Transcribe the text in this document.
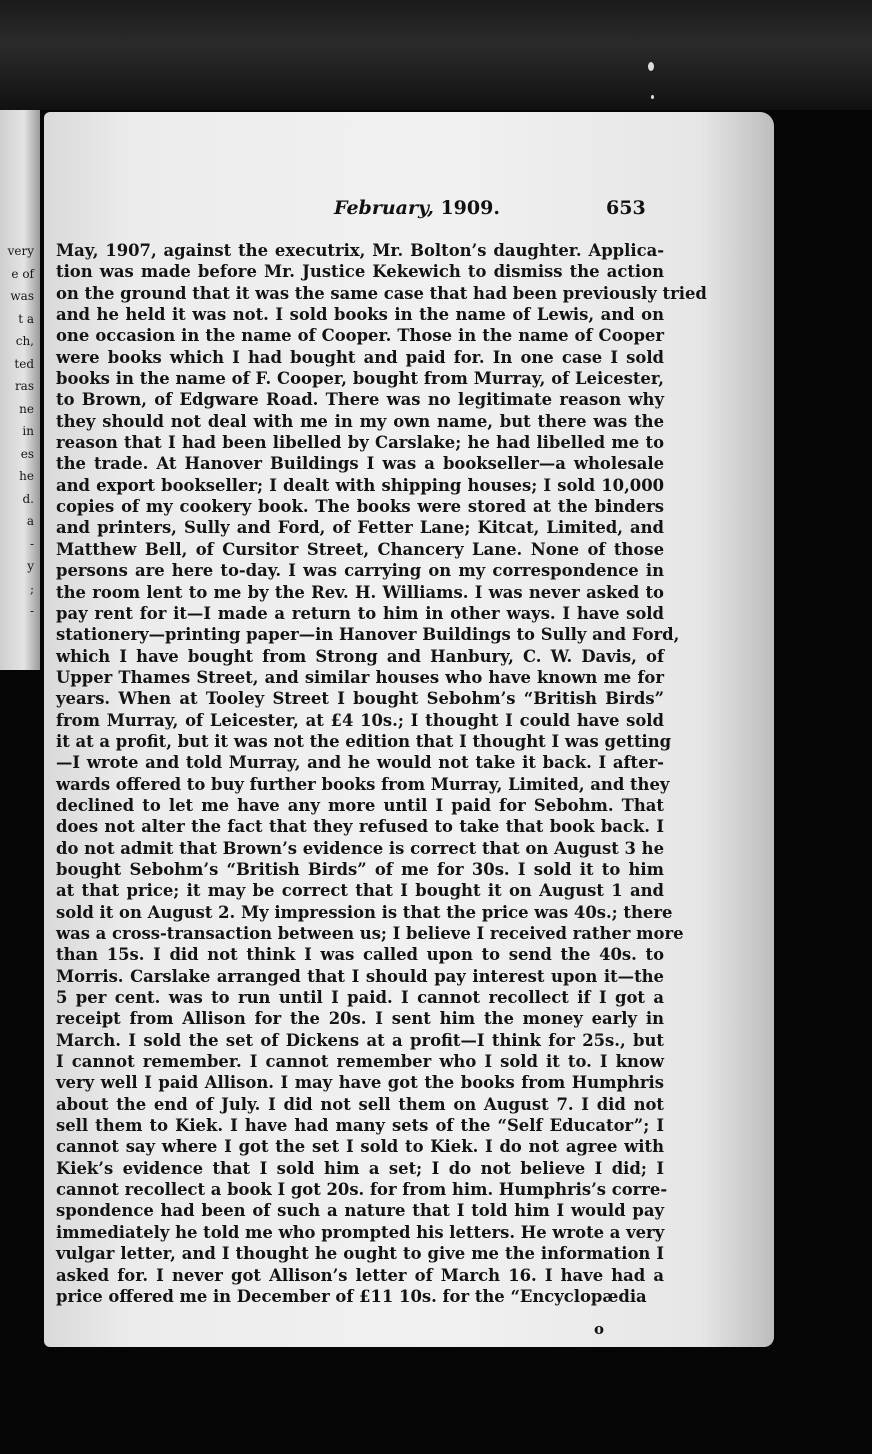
very
e of
was
t a
ch,
ted
ras
ne
in
es
he
d.
a
-
y
;
-
February, 1909.	653
May, 1907, against the executrix, Mr. Bolton’s daughter. Applica-
tion was made before Mr. Justice Kekewich to dismiss the action
on the ground that it was the same case that had been previously tried
and he held it was not. I sold books in the name of Lewis, and on
one occasion in the name of Cooper. Those in the name of Cooper
were books which I had bought and paid for. In one case I sold
books in the name of F. Cooper, bought from Murray, of Leicester,
to Brown, of Edgware Road. There was no legitimate reason why
they should not deal with me in my own name, but there was the
reason that I had been libelled by Carslake; he had libelled me to
the trade. At Hanover Buildings I was a bookseller—a wholesale
and export bookseller; I dealt with shipping houses; I sold 10,000
copies of my cookery book. The books were stored at the binders
and printers, Sully and Ford, of Fetter Lane; Kitcat, Limited, and
Matthew Bell, of Cursitor Street, Chancery Lane. None of those
persons are here to-day. I was carrying on my correspondence in
the room lent to me by the Rev. H. Williams. I was never asked to
pay rent for it—I made a return to him in other ways. I have sold
stationery—printing paper—in Hanover Buildings to Sully and Ford,
which I have bought from Strong and Hanbury, C. W. Davis, of
Upper Thames Street, and similar houses who have known me for
years. When at Tooley Street I bought Sebohm’s “British Birds”
from Murray, of Leicester, at £4 10s.; I thought I could have sold
it at a profit, but it was not the edition that I thought I was getting
—I wrote and told Murray, and he would not take it back. I after-
wards offered to buy further books from Murray, Limited, and they
declined to let me have any more until I paid for Sebohm. That
does not alter the fact that they refused to take that book back. I
do not admit that Brown’s evidence is correct that on August 3 he
bought Sebohm’s “British Birds” of me for 30s. I sold it to him
at that price; it may be correct that I bought it on August 1 and
sold it on August 2. My impression is that the price was 40s.; there
was a cross-transaction between us; I believe I received rather more
than 15s. I did not think I was called upon to send the 40s. to
Morris. Carslake arranged that I should pay interest upon it—the
5 per cent. was to run until I paid. I cannot recollect if I got a
receipt from Allison for the 20s. I sent him the money early in
March. I sold the set of Dickens at a profit—I think for 25s., but
I cannot remember. I cannot remember who I sold it to. I know
very well I paid Allison. I may have got the books from Humphris
about the end of July. I did not sell them on August 7. I did not
sell them to Kiek. I have had many sets of the “Self Educator”; I
cannot say where I got the set I sold to Kiek. I do not agree with
Kiek’s evidence that I sold him a set; I do not believe I did; I
cannot recollect a book I got 20s. for from him. Humphris’s corre-
spondence had been of such a nature that I told him I would pay
immediately he told me who prompted his letters. He wrote a very
vulgar letter, and I thought he ought to give me the information I
asked for. I never got Allison’s letter of March 16. I have had a
price offered me in December of £11 10s. for the “Encyclopædia
o
